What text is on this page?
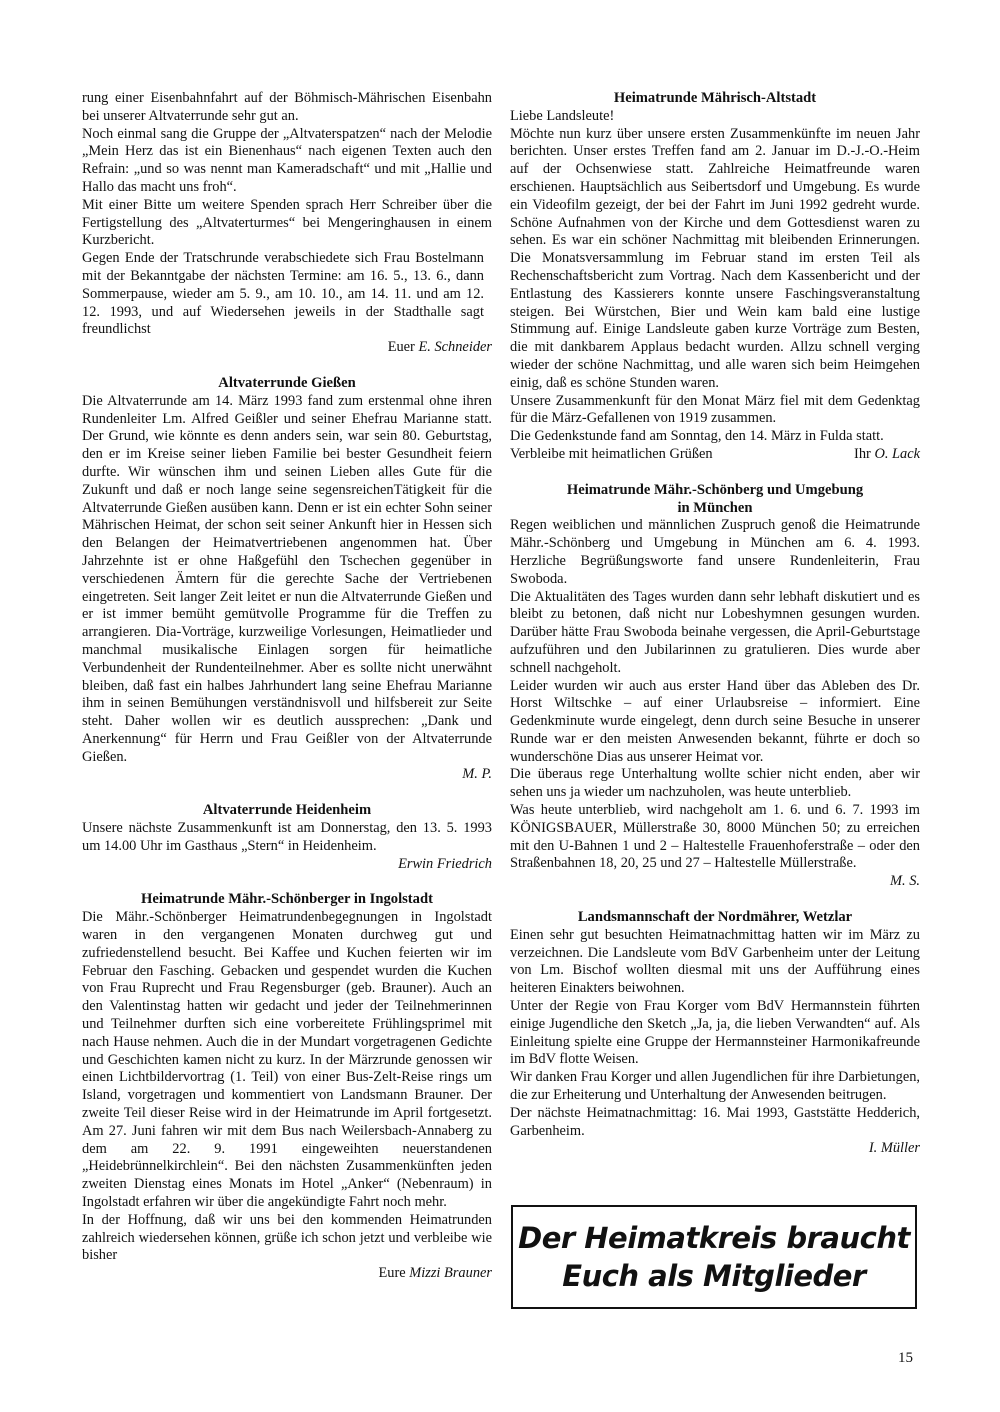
rung einer Eisenbahnfahrt auf der Böhmisch-Mährischen Eisenbahn bei unserer Altvaterrunde sehr gut an.

Noch einmal sang die Gruppe der „Altvaterspatzen“ nach der Melodie „Mein Herz das ist ein Bienenhaus“ nach eigenen Texten auch den Refrain: „und so was nennt man Kameradschaft“ und mit „Hallie und Hallo das macht uns froh“.

Mit einer Bitte um weitere Spenden sprach Herr Schreiber über die Fertigstellung des „Altvaterturmes“ bei Mengeringhausen in einem Kurzbericht.

Gegen Ende der Tratschrunde verabschiedete sich Frau Bostelmann mit der Bekanntgabe der nächsten Termine: am 16. 5., 13. 6., dann Sommerpause, wieder am 5. 9., am 10. 10., am 14. 11. und am 12. 12. 1993, und auf Wiedersehen jeweils in der Stadthalle sagt freundlichst

Euer E. Schneider

Altvaterrunde Gießen

Die Altvaterrunde am 14. März 1993 fand zum erstenmal ohne ihren Rundenleiter Lm. Alfred Geißler und seiner Ehefrau Marianne statt. Der Grund, wie könnte es denn anders sein, war sein 80. Geburtstag, den er im Kreise seiner lieben Familie bei bester Gesundheit feiern durfte. Wir wünschen ihm und seinen Lieben alles Gute für die Zukunft und daß er noch lange seine segensreichenTätigkeit für die Altvaterrunde Gießen ausüben kann. Denn er ist ein echter Sohn seiner Mährischen Heimat, der schon seit seiner Ankunft hier in Hessen sich den Belangen der Heimatvertriebenen angenommen hat. Über Jahrzehnte ist er ohne Haßgefühl den Tschechen gegenüber in verschiedenen Ämtern für die gerechte Sache der Vertriebenen eingetreten. Seit langer Zeit leitet er nun die Altvaterrunde Gießen und er ist immer bemüht gemütvolle Programme für die Treffen zu arrangieren. Dia-Vorträge, kurzweilige Vorlesungen, Heimatlieder und manchmal musikalische Einlagen sorgen für heimatliche Verbundenheit der Rundenteilnehmer. Aber es sollte nicht unerwähnt bleiben, daß fast ein halbes Jahrhundert lang seine Ehefrau Marianne ihm in seinen Bemühungen verständnisvoll und hilfsbereit zur Seite steht. Daher wollen wir es deutlich aussprechen: „Dank und Anerkennung“ für Herrn und Frau Geißler von der Altvaterrunde Gießen.

M. P.

Altvaterrunde Heidenheim

Unsere nächste Zusammenkunft ist am Donnerstag, den 13. 5. 1993 um 14.00 Uhr im Gasthaus „Stern“ in Heidenheim.

Erwin Friedrich

Heimatrunde Mähr.-Schönberger in Ingolstadt

Die Mähr.-Schönberger Heimatrundenbegegnungen in Ingolstadt waren in den vergangenen Monaten durchweg gut und zufriedenstellend besucht. Bei Kaffee und Kuchen feierten wir im Februar den Fasching. Gebacken und gespendet wurden die Kuchen von Frau Ruprecht und Frau Regensburger (geb. Brauner). Auch an den Valentinstag hatten wir gedacht und jeder der Teilnehmerinnen und Teilnehmer durften sich eine vorbereitete Frühlingsprimel mit nach Hause nehmen. Auch die in der Mundart vorgetragenen Gedichte und Geschichten kamen nicht zu kurz. In der Märzrunde genossen wir einen Lichtbildervortrag (1. Teil) von einer Bus-Zelt-Reise rings um Island, vorgetragen und kommentiert von Landsmann Brauner. Der zweite Teil dieser Reise wird in der Heimatrunde im April fortgesetzt. Am 27. Juni fahren wir mit dem Bus nach Weilersbach-Annaberg zu dem am 22. 9. 1991 eingeweihten neuerstandenen „Heidebrünnelkirchlein“. Bei den nächsten Zusammenkünften jeden zweiten Dienstag eines Monats im Hotel „Anker“ (Nebenraum) in Ingolstadt erfahren wir über die angekündigte Fahrt noch mehr.

In der Hoffnung, daß wir uns bei den kommenden Heimatrunden zahlreich wiedersehen können, grüße ich schon jetzt und verbleibe wie bisher

Eure Mizzi Brauner

Heimatrunde Mährisch-Altstadt

Liebe Landsleute!

Möchte nun kurz über unsere ersten Zusammenkünfte im neuen Jahr berichten. Unser erstes Treffen fand am 2. Januar im D.-J.-O.-Heim auf der Ochsenwiese statt. Zahlreiche Heimatfreunde waren erschienen. Hauptsächlich aus Seibertsdorf und Umgebung. Es wurde ein Videofilm gezeigt, der bei der Fahrt im Juni 1992 gedreht wurde. Schöne Aufnahmen von der Kirche und dem Gottesdienst waren zu sehen. Es war ein schöner Nachmittag mit bleibenden Erinnerungen. Die Monatsversammlung im Februar stand im ersten Teil als Rechenschaftsbericht zum Vortrag. Nach dem Kassenbericht und der Entlastung des Kassierers konnte unsere Faschingsveranstaltung steigen. Bei Würstchen, Bier und Wein kam bald eine lustige Stimmung auf. Einige Landsleute gaben kurze Vorträge zum Besten, die mit dankbarem Applaus bedacht wurden. Allzu schnell verging wieder der schöne Nachmittag, und alle waren sich beim Heimgehen einig, daß es schöne Stunden waren.

Unsere Zusammenkunft für den Monat März fiel mit dem Gedenktag für die März-Gefallenen von 1919 zusammen.

Die Gedenkstunde fand am Sonntag, den 14. März in Fulda statt.

Verbleibe mit heimatlichen Grüßen	Ihr O. Lack

Heimatrunde Mähr.-Schönberg und Umgebung

in München

Regen weiblichen und männlichen Zuspruch genoß die Heimatrunde Mähr.-Schönberg und Umgebung in München am 6. 4. 1993. Herzliche Begrüßungsworte fand unsere Rundenleiterin, Frau Swoboda.

Die Aktualitäten des Tages wurden dann sehr lebhaft diskutiert und es bleibt zu betonen, daß nicht nur Lobeshymnen gesungen wurden. Darüber hätte Frau Swoboda beinahe vergessen, die April-Geburtstage aufzuführen und den Jubilarinnen zu gratulieren. Dies wurde aber schnell nachgeholt.

Leider wurden wir auch aus erster Hand über das Ableben des Dr. Horst Wiltschke – auf einer Urlaubsreise – informiert. Eine Gedenkminute wurde eingelegt, denn durch seine Besuche in unserer Runde war er den meisten Anwesenden bekannt, führte er doch so wunderschöne Dias aus unserer Heimat vor.

Die überaus rege Unterhaltung wollte schier nicht enden, aber wir sehen uns ja wieder um nachzuholen, was heute unterblieb.

Was heute unterblieb, wird nachgeholt am 1. 6. und 6. 7. 1993 im KÖNIGSBAUER, Müllerstraße 30, 8000 München 50; zu erreichen mit den U-Bahnen 1 und 2 – Haltestelle Frauenhoferstraße – oder den Straßenbahnen 18, 20, 25 und 27 – Haltestelle Müllerstraße.

M. S.

Landsmannschaft der Nordmährer, Wetzlar

Einen sehr gut besuchten Heimatnachmittag hatten wir im März zu verzeichnen. Die Landsleute vom BdV Garbenheim unter der Leitung von Lm. Bischof wollten diesmal mit uns der Aufführung eines heiteren Einakters beiwohnen.

Unter der Regie von Frau Korger vom BdV Hermannstein führten einige Jugendliche den Sketch „Ja, ja, die lieben Verwandten“ auf. Als Einleitung spielte eine Gruppe der Hermannsteiner Harmonikafreunde im BdV flotte Weisen.

Wir danken Frau Korger und allen Jugendlichen für ihre Darbietungen, die zur Erheiterung und Unterhaltung der Anwesenden beitrugen.

Der nächste Heimatnachmittag: 16. Mai 1993, Gaststätte Hedderich, Garbenheim.

I. Müller

Der Heimatkreis braucht
Euch als Mitglieder
15
